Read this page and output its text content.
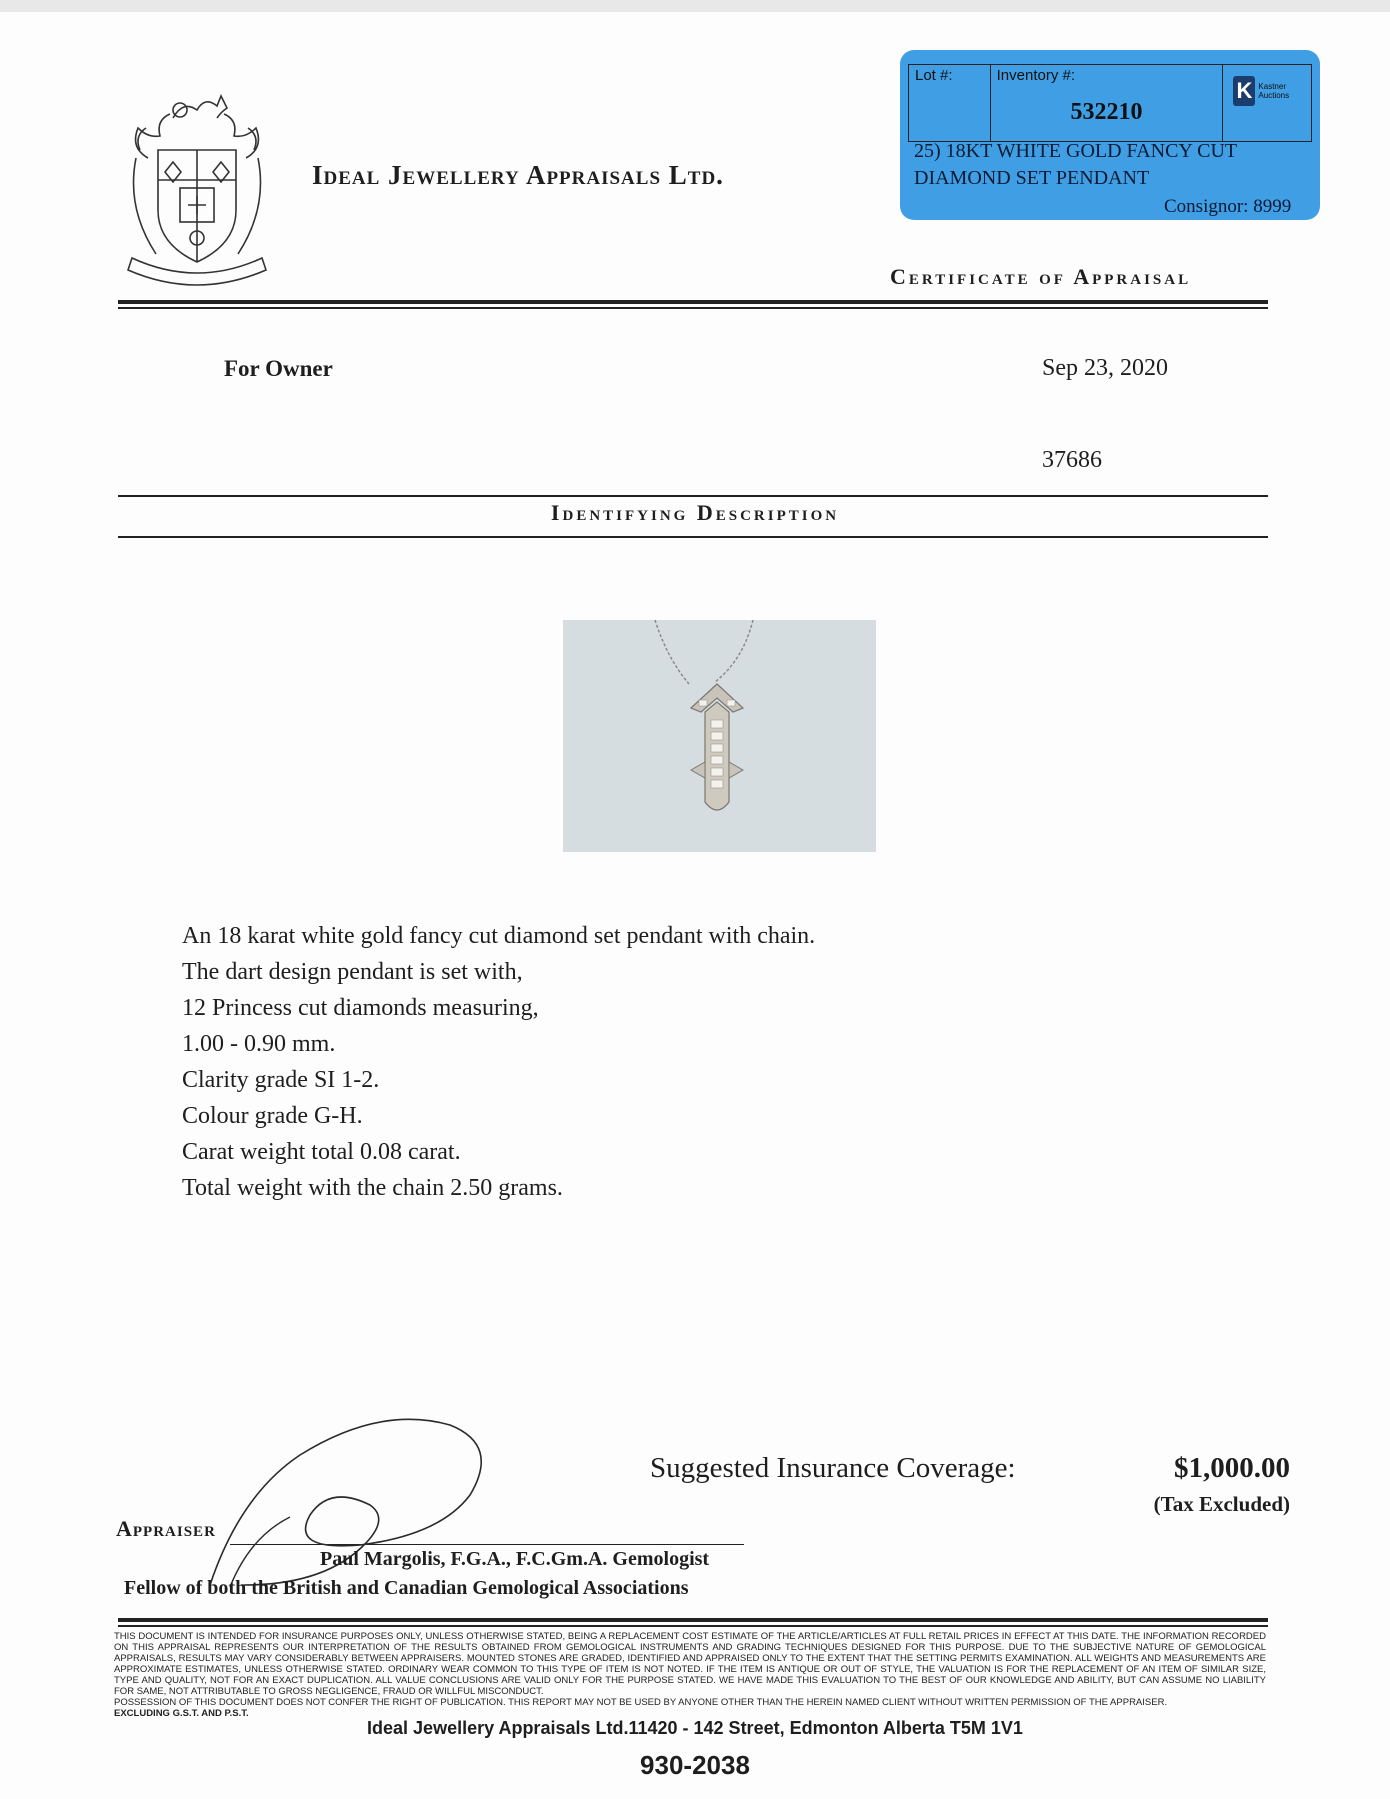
Ideal Jewellery Appraisals Ltd.
Lot #:	Inventory #:
532210
K Kastner
Auctions
25) 18KT WHITE GOLD FANCY CUT
DIAMOND SET PENDANT
Consignor: 8999
Certificate of Appraisal
For Owner	Sep 23, 2020
37686
Identifying Description
An 18 karat white gold fancy cut diamond set pendant with chain.
The dart design pendant is set with,
12 Princess cut diamonds measuring,
1.00 - 0.90 mm.
Clarity grade SI 1-2.
Colour grade G-H.
Carat weight total 0.08 carat.
Total weight with the chain 2.50 grams.
Suggested Insurance Coverage:	$1,000.00
(Tax Excluded)
Appraiser
Paul Margolis, F.G.A., F.C.Gm.A. Gemologist
Fellow of both the British and Canadian Gemological Associations
THIS DOCUMENT IS INTENDED FOR INSURANCE PURPOSES ONLY, UNLESS OTHERWISE STATED, BEING A REPLACEMENT COST ESTIMATE OF THE ARTICLE/ARTICLES AT FULL RETAIL PRICES IN EFFECT AT THIS DATE. THE INFORMATION RECORDED ON THIS APPRAISAL REPRESENTS OUR INTERPRETATION OF THE RESULTS OBTAINED FROM GEMOLOGICAL INSTRUMENTS AND GRADING TECHNIQUES DESIGNED FOR THIS PURPOSE. DUE TO THE SUBJECTIVE NATURE OF GEMOLOGICAL APPRAISALS, RESULTS MAY VARY CONSIDERABLY BETWEEN APPRAISERS. MOUNTED STONES ARE GRADED, IDENTIFIED AND APPRAISED ONLY TO THE EXTENT THAT THE SETTING PERMITS EXAMINATION. ALL WEIGHTS AND MEASUREMENTS ARE APPROXIMATE ESTIMATES, UNLESS OTHERWISE STATED. ORDINARY WEAR COMMON TO THIS TYPE OF ITEM IS NOT NOTED. IF THE ITEM IS ANTIQUE OR OUT OF STYLE, THE VALUATION IS FOR THE REPLACEMENT OF AN ITEM OF SIMILAR SIZE, TYPE AND QUALITY, NOT FOR AN EXACT DUPLICATION. ALL VALUE CONCLUSIONS ARE VALID ONLY FOR THE PURPOSE STATED. WE HAVE MADE THIS EVALUATION TO THE BEST OF OUR KNOWLEDGE AND ABILITY, BUT CAN ASSUME NO LIABILITY FOR SAME, NOT ATTRIBUTABLE TO GROSS NEGLIGENCE, FRAUD OR WILLFUL MISCONDUCT.
POSSESSION OF THIS DOCUMENT DOES NOT CONFER THE RIGHT OF PUBLICATION. THIS REPORT MAY NOT BE USED BY ANYONE OTHER THAN THE HEREIN NAMED CLIENT WITHOUT WRITTEN PERMISSION OF THE APPRAISER.
EXCLUDING G.S.T. AND P.S.T.
Ideal Jewellery Appraisals Ltd.11420 - 142 Street, Edmonton Alberta T5M 1V1
930-2038
